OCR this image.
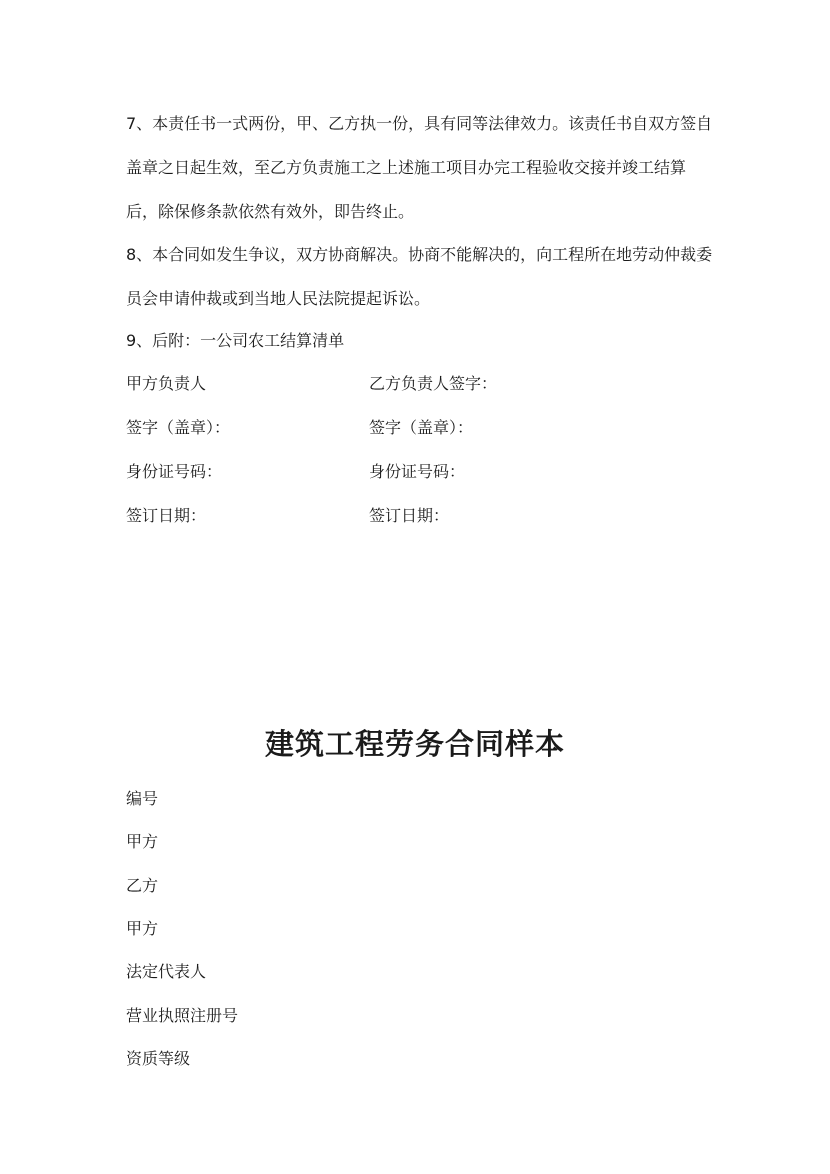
7、本责任书一式两份，甲、乙方执一份，具有同等法律效力。该责任书自双方签自盖章之日起生效，至乙方负责施工之上述施工项目办完工程验收交接并竣工结算后，除保修条款依然有效外，即告终止。

8、本合同如发生争议，双方协商解决。协商不能解决的，向工程所在地劳动仲裁委员会申请仲裁或到当地人民法院提起诉讼。

9、后附：一公司农工结算清单

甲方负责人

签字（盖章）：

身份证号码：

签订日期：

乙方负责人签字：

签字（盖章）：

身份证号码：

签订日期：

建筑工程劳务合同样本

编号

甲方

乙方

甲方

法定代表人

营业执照注册号

资质等级
